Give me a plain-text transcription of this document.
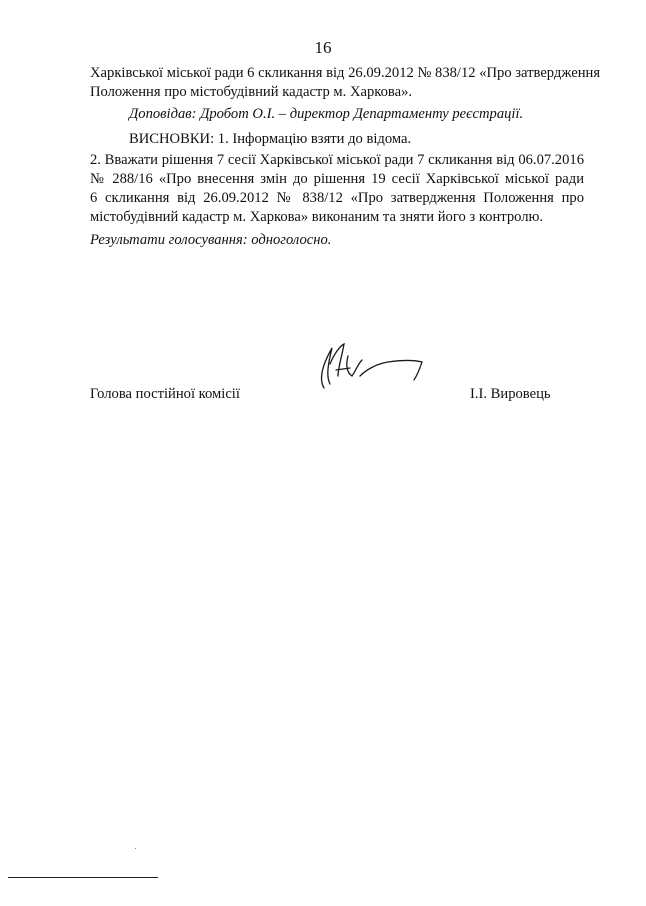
16
Харківської міської ради 6 скликання від 26.09.2012 № 838/12 «Про затвердження
Положення про містобудівний кадастр м. Харкова».
Доповідав: Дробот О.І. – директор Департаменту реєстрації.
ВИСНОВКИ: 1. Інформацію взяти до відома.
2. Вважати рішення 7 сесії Харківської міської ради 7 скликання від 06.07.2016
№ 288/16 «Про внесення змін до рішення 19 сесії Харківської міської ради
6 скликання від 26.09.2012 № 838/12 «Про затвердження Положення про
містобудівний кадастр м. Харкова» виконаним та зняти його з контролю.
Результати голосування: одноголосно.
Голова постійної комісії	І.І. Вировець
